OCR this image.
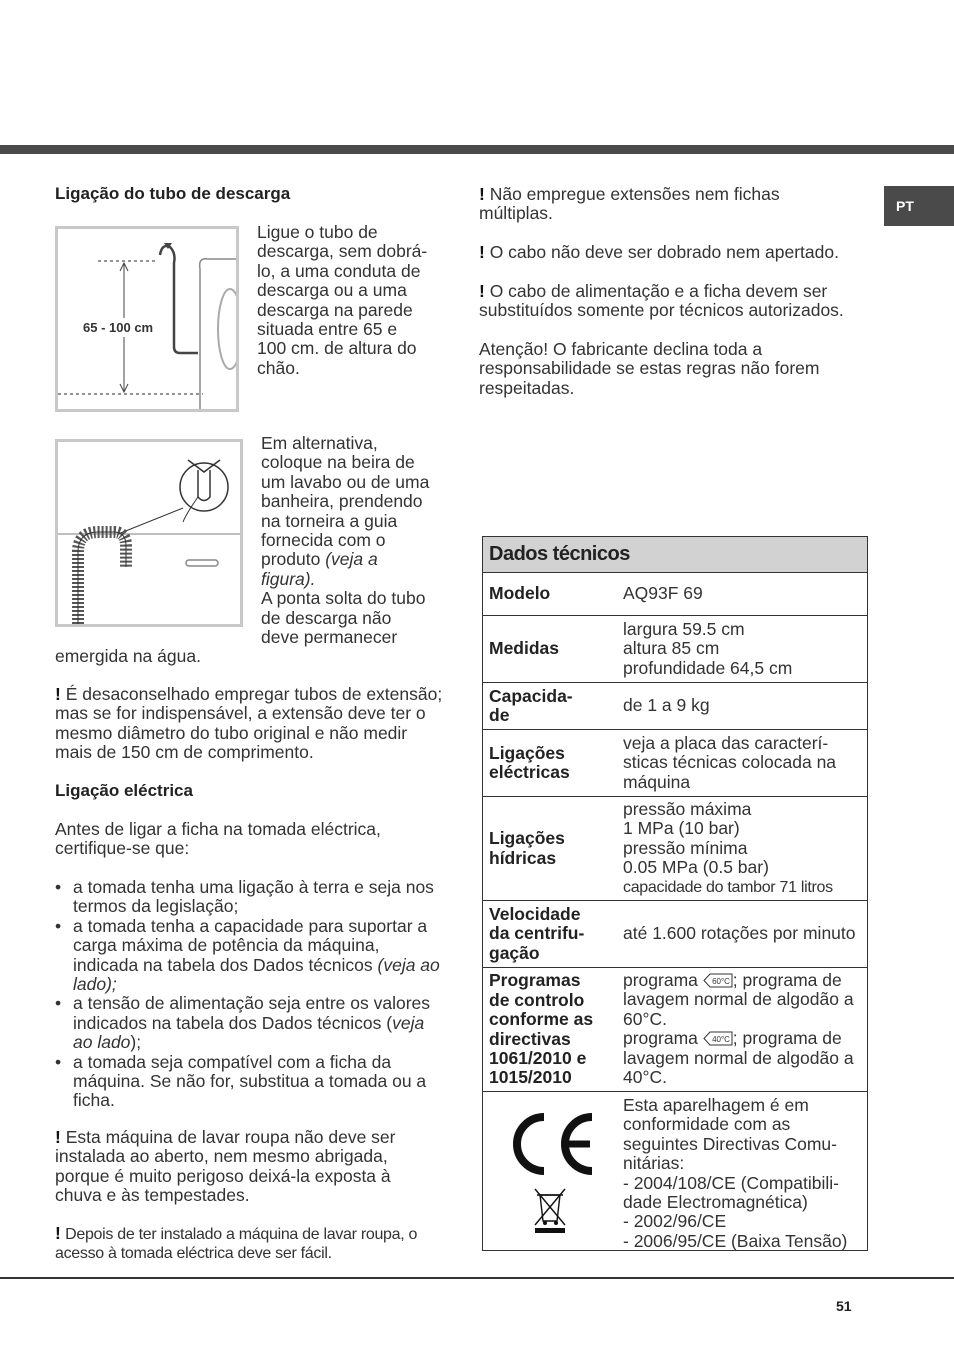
PT
Ligação do tubo de descarga
65 - 100 cm
Ligue o tubo de
descarga, sem dobrá-
lo, a uma conduta de
descarga ou a uma
descarga na parede
situada entre 65 e
100 cm. de altura do
chão.
Em alternativa,
coloque na beira de
um lavabo ou de uma
banheira, prendendo
na torneira a guia
fornecida com o
produto (veja a
figura).
A ponta solta do tubo
de descarga não
deve permanecer
emergida na água.

! É desaconselhado empregar tubos de extensão; mas se for indispensável, a extensão deve ter o mesmo diâmetro do tubo original e não medir mais de 150 cm de comprimento.

Ligação eléctrica

Antes de ligar a ficha na tomada eléctrica, certifique-se que:

• a tomada tenha uma ligação à terra e seja nos termos da legislação;
• a tomada tenha a capacidade para suportar a carga máxima de potência da máquina, indicada na tabela dos Dados técnicos (veja ao lado);
• a tensão de alimentação seja entre os valores indicados na tabela dos Dados técnicos (veja ao lado);
• a tomada seja compatível com a ficha da máquina. Se não for, substitua a tomada ou a ficha.

! Esta máquina de lavar roupa não deve ser instalada ao aberto, nem mesmo abrigada, porque é muito perigoso deixá-la exposta à chuva e às tempestades.

! Depois de ter instalado a máquina de lavar roupa, o acesso à tomada eléctrica deve ser fácil.

! Não empregue extensões nem fichas múltiplas.

! O cabo não deve ser dobrado nem apertado.

! O cabo de alimentação e a ficha devem ser substituídos somente por técnicos autorizados.

Atenção! O fabricante declina toda a responsabilidade se estas regras não forem respeitadas.

Dados técnicos
Modelo	AQ93F 69
Medidas
largura 59.5 cm
altura 85 cm
profundidade 64,5 cm
Capacida-
de	de 1 a 9 kg
Ligações
eléctricas
veja a placa das caracterí-
sticas técnicas colocada na
máquina
Ligações
hídricas
pressão máxima
1 MPa (10 bar)
pressão mínima
0.05 MPa (0.5 bar)
capacidade do tambor 71 litros
Velocidade
da centrifu-
gação
até 1.600 rotações por minuto
Programas
de controlo
conforme as
directivas
1061/2010 e
1015/2010
programa 60°C ; programa de lavagem normal de algodão a 60°C.
programa 40°C ; programa de lavagem normal de algodão a 40°C.
Esta aparelhagem é em
conformidade com as
seguintes Directivas Comu-
nitárias:
- 2004/108/CE (Compatibili-
dade Electromagnética)
- 2002/96/CE
- 2006/95/CE (Baixa Tensão)
51
